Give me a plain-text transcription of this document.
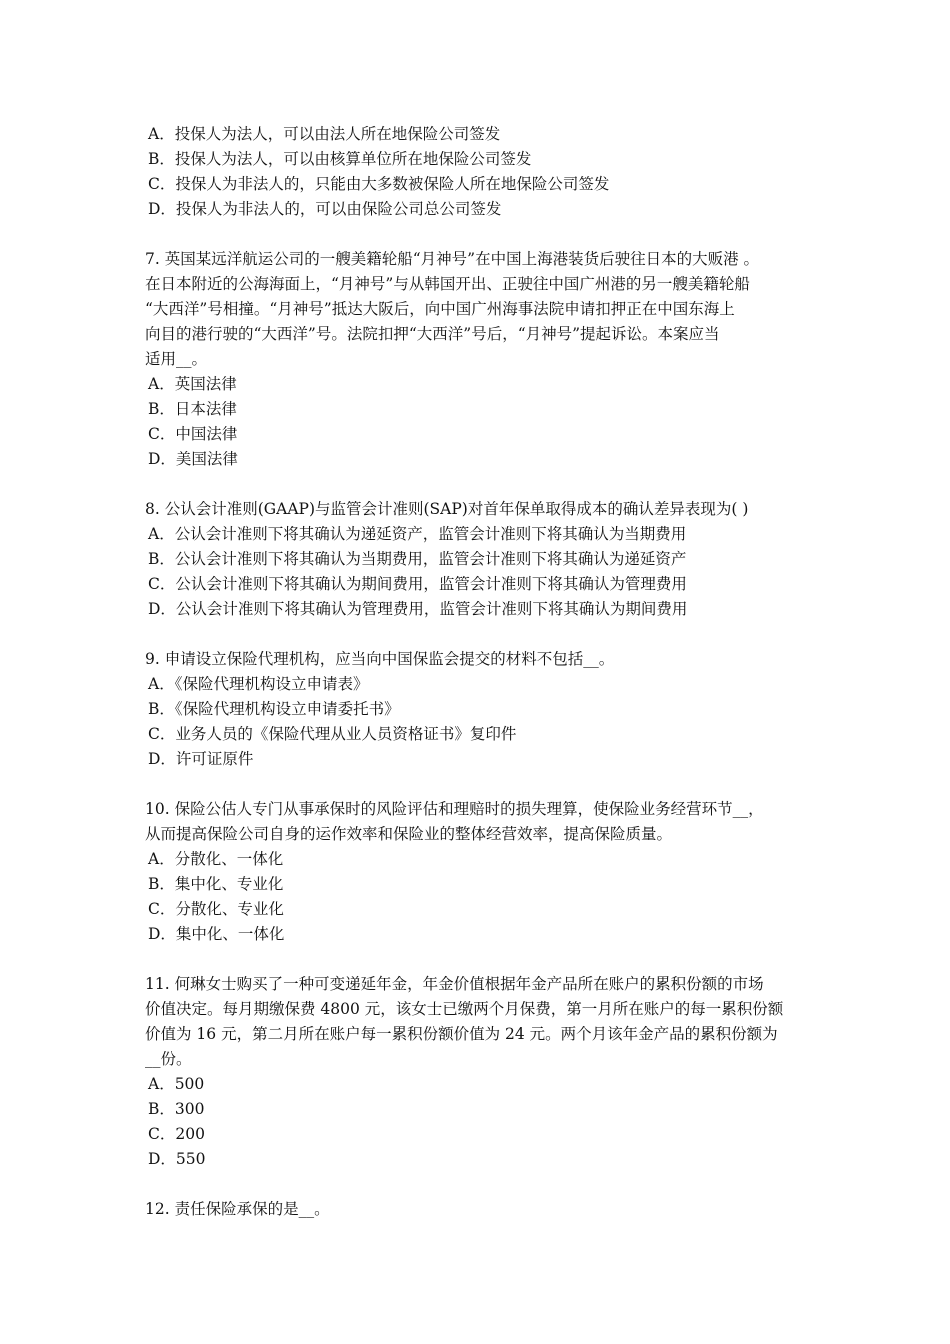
A．投保人为法人，可以由法人所在地保险公司签发
B．投保人为法人，可以由核算单位所在地保险公司签发
C．投保人为非法人的，只能由大多数被保险人所在地保险公司签发
D．投保人为非法人的，可以由保险公司总公司签发
7. 英国某远洋航运公司的一艘美籍轮船“月神号”在中国上海港装货后驶往日本的大贩港 。
在日本附近的公海海面上，“月神号”与从韩国开出、正驶往中国广州港的另一艘美籍轮船
“大西洋”号相撞。“月神号”抵达大阪后，向中国广州海事法院申请扣押正在中国东海上
向目的港行驶的“大西洋”号。法院扣押“大西洋”号后，“月神号”提起诉讼。本案应当
适用__。
A．英国法律
B．日本法律
C．中国法律
D．美国法律
8. 公认会计准则(GAAP)与监管会计准则(SAP)对首年保单取得成本的确认差异表现为( )
A．公认会计准则下将其确认为递延资产，监管会计准则下将其确认为当期费用
B．公认会计准则下将其确认为当期费用，监管会计准则下将其确认为递延资产
C．公认会计准则下将其确认为期间费用，监管会计准则下将其确认为管理费用
D．公认会计准则下将其确认为管理费用，监管会计准则下将其确认为期间费用
9. 申请设立保险代理机构，应当向中国保监会提交的材料不包括__。
A．《保险代理机构设立申请表》
B．《保险代理机构设立申请委托书》
C．业务人员的《保险代理从业人员资格证书》复印件
D．许可证原件
10. 保险公估人专门从事承保时的风险评估和理赔时的损失理算，使保险业务经营环节__，
从而提高保险公司自身的运作效率和保险业的整体经营效率，提高保险质量。
A．分散化、一体化
B．集中化、专业化
C．分散化、专业化
D．集中化、一体化
11. 何琳女士购买了一种可变递延年金，年金价值根据年金产品所在账户的累积份额的市场
价值决定。每月期缴保费 4800 元，该女士已缴两个月保费，第一月所在账户的每一累积份额
价值为 16 元，第二月所在账户每一累积份额价值为 24 元。两个月该年金产品的累积份额为
__份。
A．500
B．300
C．200
D．550
12. 责任保险承保的是__。
